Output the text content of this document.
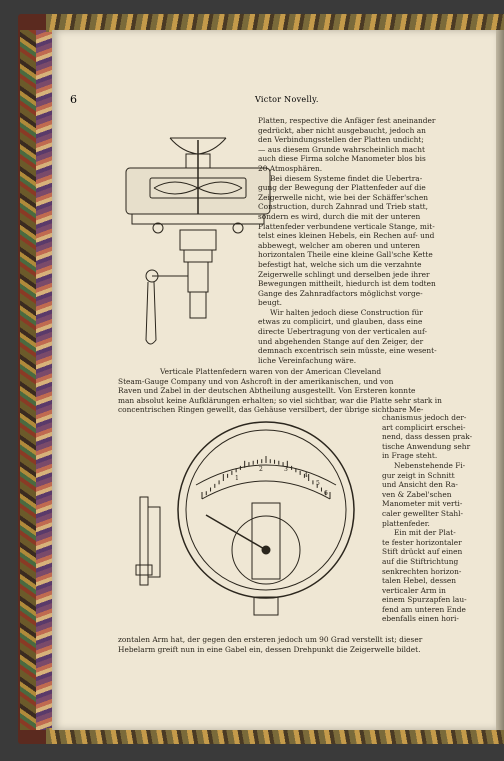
Platten, respective die Anfäger fest aneinander
gedrückt, aber nicht ausgebaucht, jedoch an
den Verbindungsstellen der Platten undicht;
— aus diesem Grunde wahrscheinlich macht
auch diese Firma solche Manometer blos bis
20 Atmosphären.
Bei diesem Systeme findet die Uebertra-
gung der Bewegung der Plattenfeder auf die
Zeigerwelle nicht, wie bei der Schäffer'schen
Construction, durch Zahnrad und Trieb statt,
sondern es wird, durch die mit der unteren
Plattenfeder verbundene verticale Stange, mit-
telst eines kleinen Hebels, ein Rechen auf- und
abbewegt, welcher am oberen und unteren
horizontalen Theile eine kleine Gall'sche Kette
befestigt hat, welche sich um die verzahnte
Zeigerwelle schlingt und derselben jede ihrer
Bewegungen mittheilt, hiedurch ist dem todten
Gange des Zahnradfactors möglichst vorge-
beugt.
Wir halten jedoch diese Construction für
etwas zu complicirt, und glauben, dass eine
directe Uebertragung von der verticalen auf-
und abgehenden Stange auf den Zeiger, der
demnach excentrisch sein müsste, eine wesent-
liche Vereinfachung wäre.
Verticale Plattenfedern waren von der American Cleveland
Steam-Gauge Company und von Ashcroft in der amerikanischen, und von
Raven und Zabel in der deutschen Abtheilung ausgestellt. Von Ersteren konnte
man absolut keine Aufklärungen erhalten; so viel sichtbar, war die Platte sehr stark in
concentrischen Ringen gewellt, das Gehäuse versilbert, der übrige sichtbare Me-
1
2	3
4
5
6
chanismus jedoch der-
art complicirt erschei-
nend, dass dessen prak-
tische Anwendung sehr
in Frage steht.
Nebenstehende Fi-
gur zeigt in Schnitt
und Ansicht den Ra-
ven & Zabel'schen
Manometer mit verti-
caler gewellter Stahl-
plattenfeder.
Ein mit der Plat-
te fester horizontaler
Stift drückt auf einen
auf die Stiftrichtung
senkrechten horizon-
talen Hebel, dessen
verticaler Arm in
einem Spurzapfen lau-
fend am unteren Ende
ebenfalls einen hori-
zontalen Arm hat, der gegen den ersteren jedoch um 90 Grad verstellt ist; dieser
Hebelarm greift nun in eine Gabel ein, dessen Drehpunkt die Zeigerwelle bildet.
6	Victor Novelly.
